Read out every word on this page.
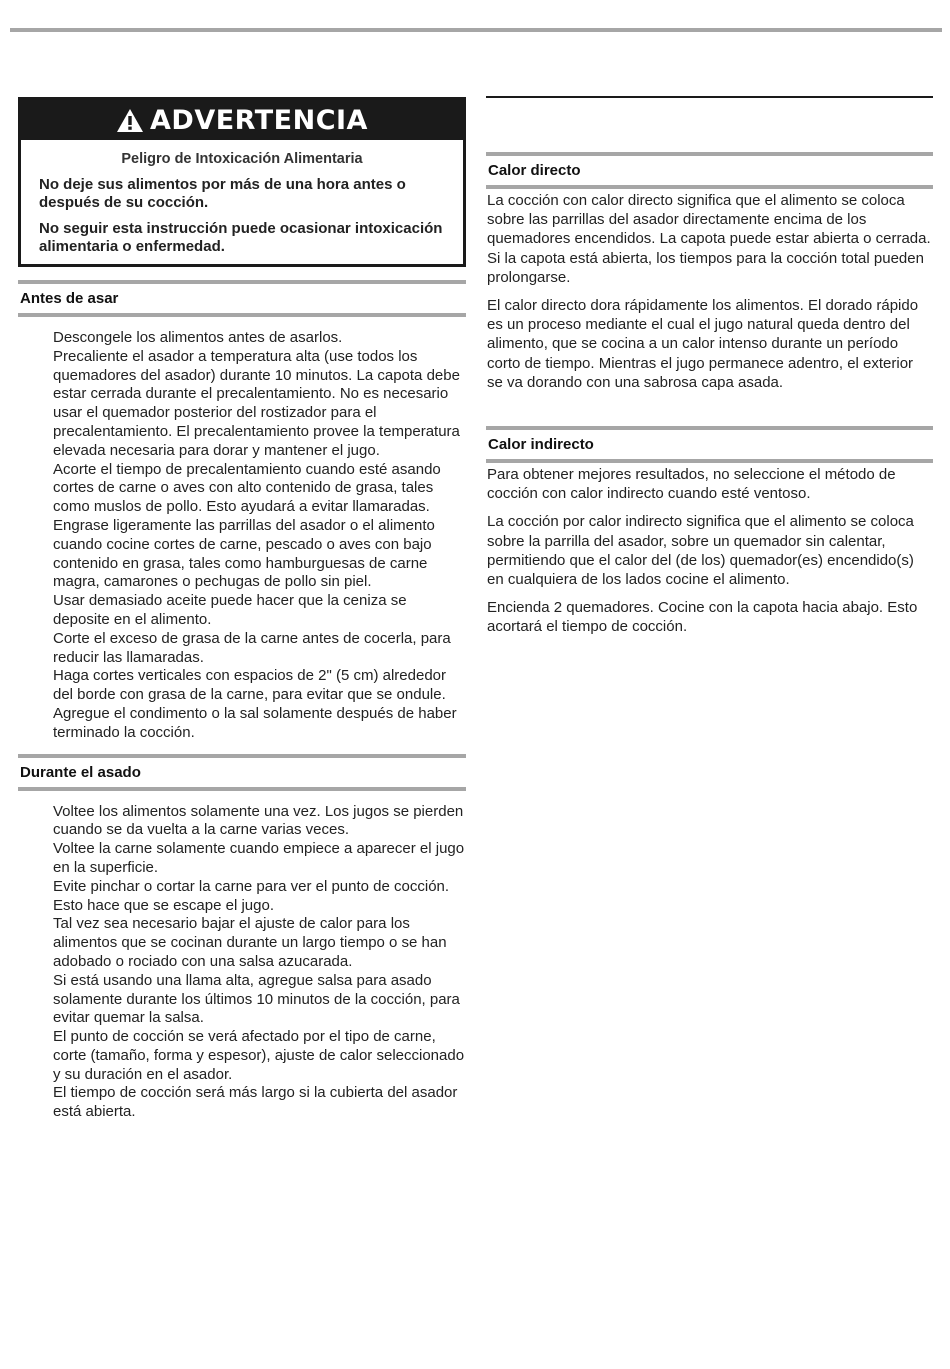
ADVERTENCIA
Peligro de Intoxicación Alimentaria

No deje sus alimentos por más de una hora antes o después de su cocción.

No seguir esta instrucción puede ocasionar intoxicación alimentaria o enfermedad.

Antes de asar
Descongele los alimentos antes de asarlos.
Precaliente el asador a temperatura alta (use todos los quemadores del asador) durante 10 minutos. La capota debe estar cerrada durante el precalentamiento. No es necesario usar el quemador posterior del rostizador para el precalentamiento. El precalentamiento provee la temperatura elevada necesaria para dorar y mantener el jugo.
Acorte el tiempo de precalentamiento cuando esté asando cortes de carne o aves con alto contenido de grasa, tales como muslos de pollo. Esto ayudará a evitar llamaradas.
Engrase ligeramente las parrillas del asador o el alimento cuando cocine cortes de carne, pescado o aves con bajo contenido en grasa, tales como hamburguesas de carne magra, camarones o pechugas de pollo sin piel.
Usar demasiado aceite puede hacer que la ceniza se deposite en el alimento.
Corte el exceso de grasa de la carne antes de cocerla, para reducir las llamaradas.
Haga cortes verticales con espacios de 2" (5 cm) alrededor del borde con grasa de la carne, para evitar que se ondule.
Agregue el condimento o la sal solamente después de haber terminado la cocción.
Durante el asado
Voltee los alimentos solamente una vez. Los jugos se pierden cuando se da vuelta a la carne varias veces.
Voltee la carne solamente cuando empiece a aparecer el jugo en la superficie.
Evite pinchar o cortar la carne para ver el punto de cocción. Esto hace que se escape el jugo.
Tal vez sea necesario bajar el ajuste de calor para los alimentos que se cocinan durante un largo tiempo o se han adobado o rociado con una salsa azucarada.
Si está usando una llama alta, agregue salsa para asado solamente durante los últimos 10 minutos de la cocción, para evitar quemar la salsa.
El punto de cocción se verá afectado por el tipo de carne, corte (tamaño, forma y espesor), ajuste de calor seleccionado y su duración en el asador.
El tiempo de cocción será más largo si la cubierta del asador está abierta.
Calor directo

La cocción con calor directo significa que el alimento se coloca sobre las parrillas del asador directamente encima de los quemadores encendidos. La capota puede estar abierta o cerrada. Si la capota está abierta, los tiempos para la cocción total pueden prolongarse.

El calor directo dora rápidamente los alimentos. El dorado rápido es un proceso mediante el cual el jugo natural queda dentro del alimento, que se cocina a un calor intenso durante un período corto de tiempo. Mientras el jugo permanece adentro, el exterior se va dorando con una sabrosa capa asada.

Calor indirecto

Para obtener mejores resultados, no seleccione el método de cocción con calor indirecto cuando esté ventoso.

La cocción por calor indirecto significa que el alimento se coloca sobre la parrilla del asador, sobre un quemador sin calentar, permitiendo que el calor del (de los) quemador(es) encendido(s) en cualquiera de los lados cocine el alimento.

Encienda 2 quemadores. Cocine con la capota hacia abajo. Esto acortará el tiempo de cocción.
